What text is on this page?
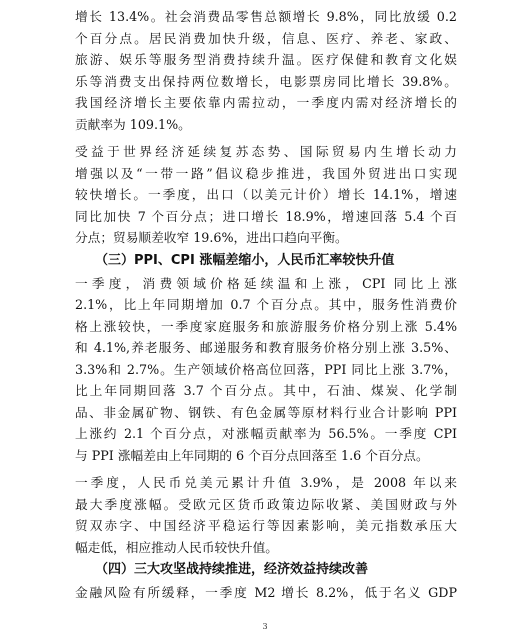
增长 13.4%。社会消费品零售总额增长 9.8%，同比放缓 0.2
个百分点。居民消费加快升级，信息、医疗、养老、家政、
旅游、娱乐等服务型消费持续升温。医疗保健和教育文化娱
乐等消费支出保持两位数增长，电影票房同比增长 39.8%。
我国经济增长主要依靠内需拉动，一季度内需对经济增长的
贡献率为 109.1%。
受益于世界经济延续复苏态势、国际贸易内生增长动力
增强以及“一带一路”倡议稳步推进，我国外贸进出口实现
较快增长。一季度，出口（以美元计价）增长 14.1%，增速
同比加快 7 个百分点；进口增长 18.9%，增速回落 5.4 个百
分点；贸易顺差收窄 19.6%，进出口趋向平衡。
（三）PPI、CPI 涨幅差缩小，人民币汇率较快升值
一季度，消费领域价格延续温和上涨，CPI 同比上涨
2.1%，比上年同期增加 0.7 个百分点。其中，服务性消费价
格上涨较快，一季度家庭服务和旅游服务价格分别上涨 5.4%
和 4.1%,养老服务、邮递服务和教育服务价格分别上涨 3.5%、
3.3%和 2.7%。生产领域价格高位回落，PPI 同比上涨 3.7%，
比上年同期回落 3.7 个百分点。其中，石油、煤炭、化学制
品、非金属矿物、钢铁、有色金属等原材料行业合计影响 PPI
上涨约 2.1 个百分点，对涨幅贡献率为 56.5%。一季度 CPI
与 PPI 涨幅差由上年同期的 6 个百分点回落至 1.6 个百分点。
一季度，人民币兑美元累计升值 3.9%，是 2008 年以来
最大季度涨幅。受欧元区货币政策边际收紧、美国财政与外
贸双赤字、中国经济平稳运行等因素影响，美元指数承压大
幅走低，相应推动人民币较快升值。
（四）三大攻坚战持续推进，经济效益持续改善
金融风险有所缓释，一季度 M2 增长 8.2%，低于名义 GDP
3
